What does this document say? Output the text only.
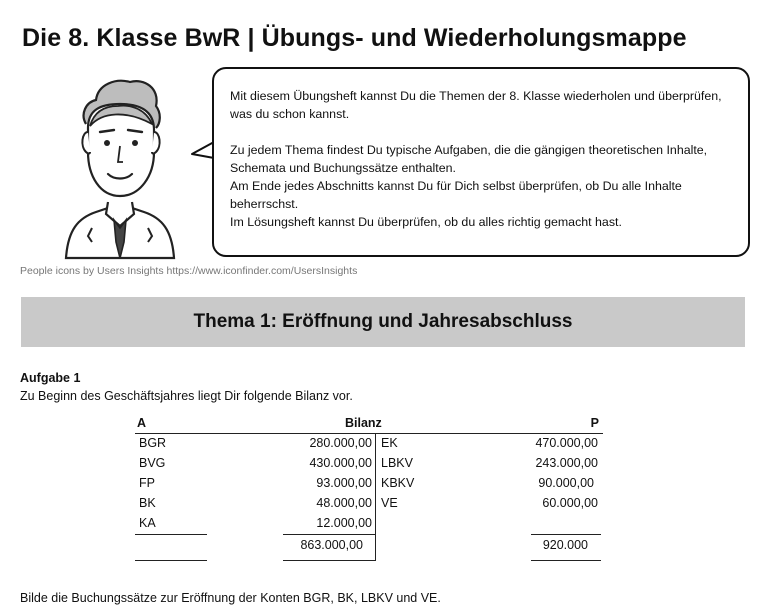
Die 8. Klasse BwR | Übungs- und Wiederholungsmappe

Mit diesem Übungsheft kannst Du die Themen der 8. Klasse wiederholen und überprüfen, was du schon kannst.

Zu jedem Thema findest Du typische Aufgaben, die die gängigen theoretischen Inhalte, Schemata und Buchungssätze enthalten.

Am Ende jedes Abschnitts kannst Du für Dich selbst überprüfen, ob Du alle Inhalte beherrschst.

Im Lösungsheft kannst Du überprüfen, ob du alles richtig gemacht hast.

People icons by Users Insights https://www.iconfinder.com/UsersInsights

Thema 1: Eröffnung und Jahresabschluss

Aufgabe 1

Zu Beginn des Geschäftsjahres liegt Dir folgende Bilanz vor.

A	Bilanz	P
BGR	280.000,00 EK	470.000,00
BVG	430.000,00 LBKV	243.000,00
FP	93.000,00 KBKV	90.000,00
BK	48.000,00 VE	60.000,00
KA	12.000,00
863.000,00	920.000

Bilde die Buchungssätze zur Eröffnung der Konten BGR, BK, LBKV und VE.
